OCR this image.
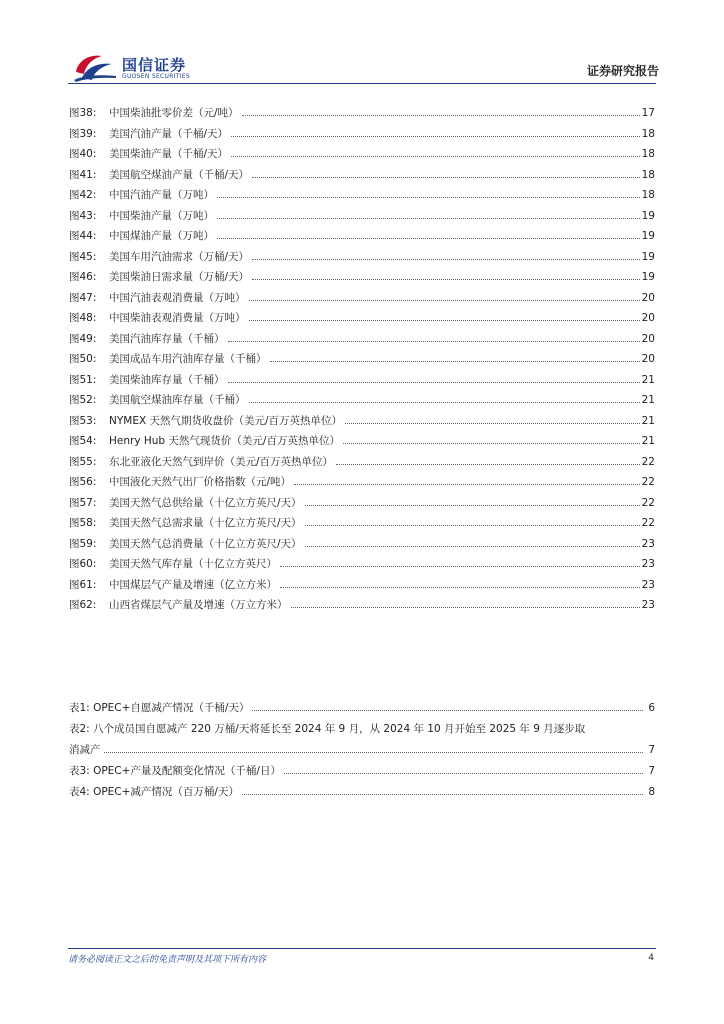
国信证券
GUOSEN SECURITIES	证券研究报告
图38: 中国柴油批零价差（元/吨）	17
图39: 美国汽油产量（千桶/天）	18
图40: 美国柴油产量（千桶/天）	18
图41: 美国航空煤油产量（千桶/天）	18
图42: 中国汽油产量（万吨）	18
图43: 中国柴油产量（万吨）	19
图44: 中国煤油产量（万吨）	19
图45: 美国车用汽油需求（万桶/天）	19
图46: 美国柴油日需求量（万桶/天）	19
图47: 中国汽油表观消费量（万吨）	20
图48: 中国柴油表观消费量（万吨）	20
图49: 美国汽油库存量（千桶）	20
图50: 美国成品车用汽油库存量（千桶）	20
图51: 美国柴油库存量（千桶）	21
图52: 美国航空煤油库存量（千桶）	21
图53: NYMEX 天然气期货收盘价（美元/百万英热单位）	21
图54: Henry Hub 天然气现货价（美元/百万英热单位）	21
图55: 东北亚液化天然气到岸价（美元/百万英热单位）	22
图56: 中国液化天然气出厂价格指数（元/吨）	22
图57: 美国天然气总供给量（十亿立方英尺/天）	22
图58: 美国天然气总需求量（十亿立方英尺/天）	22
图59: 美国天然气总消费量（十亿立方英尺/天）	23
图60: 美国天然气库存量（十亿立方英尺）	23
图61: 中国煤层气产量及增速（亿立方米）	23
图62: 山西省煤层气产量及增速（万立方米）	23
表1: OPEC+自愿减产情况（千桶/天）	6
表2: 八个成员国自愿减产 220 万桶/天将延长至 2024 年 9 月，从 2024 年 10 月开始至 2025 年 9 月逐步取
消减产	7
表3: OPEC+产量及配额变化情况（千桶/日）	7
表4: OPEC+减产情况（百万桶/天）	8
请务必阅读正文之后的免责声明及其项下所有内容	4
